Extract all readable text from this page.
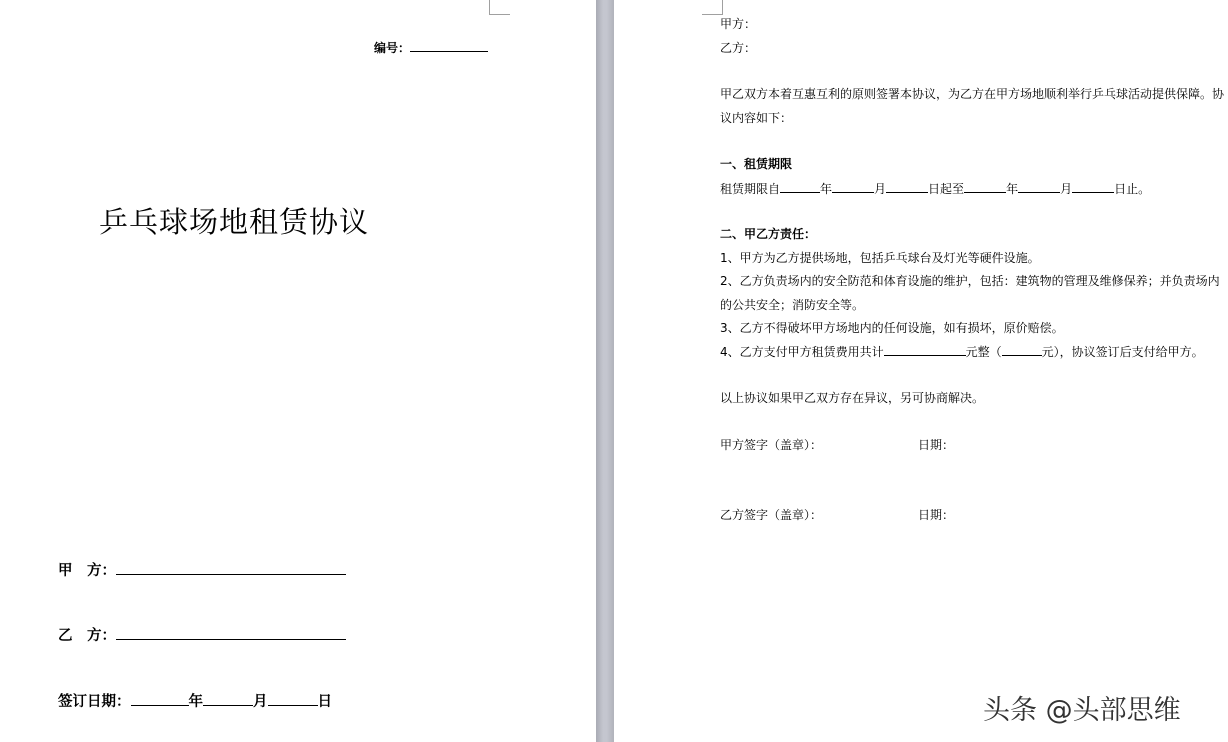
编号：
乒乓球场地租赁协议
甲　方：
乙　方：
签订日期：	年	月	日
甲方：
乙方：
甲乙双方本着互惠互利的原则签署本协议，为乙方在甲方场地顺利举行乒乓球活动提供保障。协
议内容如下：
一、租赁期限
租赁期限自	年	月	日起至	年	月	日止。
二、甲乙方责任：
1、甲方为乙方提供场地，包括乒乓球台及灯光等硬件设施。
2、乙方负责场内的安全防范和体育设施的维护，包括：建筑物的管理及维修保养；并负责场内
的公共安全；消防安全等。
3、乙方不得破坏甲方场地内的任何设施，如有损坏，原价赔偿。
4、乙方支付甲方租赁费用共计	元整（	元），协议签订后支付给甲方。
以上协议如果甲乙双方存在异议，另可协商解决。
甲方签字（盖章）：	日期：
乙方签字（盖章）：	日期：
头条 @头部思维
